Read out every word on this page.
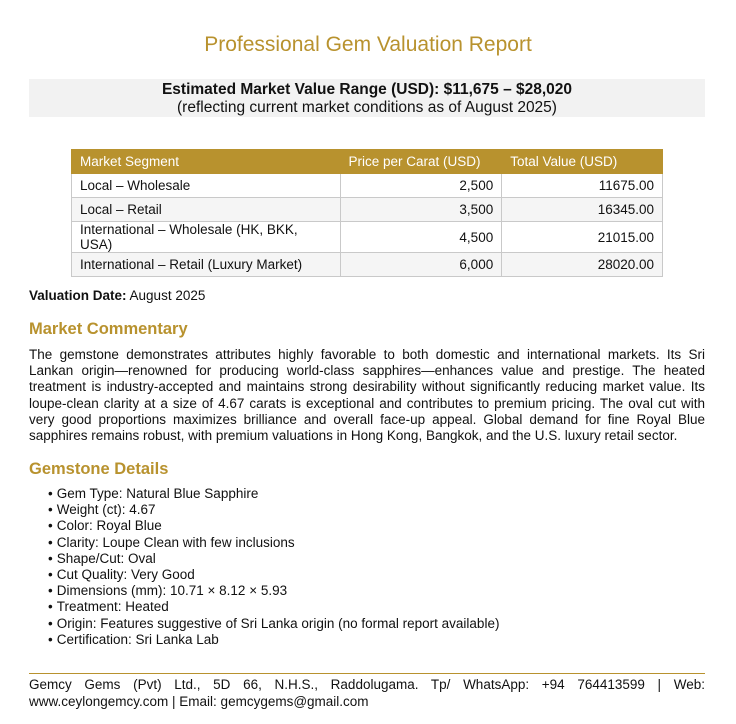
Professional Gem Valuation Report
Estimated Market Value Range (USD): $11,675 – $28,020
(reflecting current market conditions as of August 2025)
Market Segment	Price per Carat (USD)	Total Value (USD)
Local – Wholesale	2,500	11675.00
Local – Retail	3,500	16345.00
International – Wholesale (HK, BKK, USA)	4,500	21015.00
International – Retail (Luxury Market)	6,000	28020.00
Valuation Date: August 2025
Market Commentary

The gemstone demonstrates attributes highly favorable to both domestic and international markets. Its Sri Lankan origin—renowned for producing world-class sapphires—enhances value and prestige. The heated treatment is industry-accepted and maintains strong desirability without significantly reducing market value. Its loupe-clean clarity at a size of 4.67 carats is exceptional and contributes to premium pricing. The oval cut with very good proportions maximizes brilliance and overall face-up appeal. Global demand for fine Royal Blue sapphires remains robust, with premium valuations in Hong Kong, Bangkok, and the U.S. luxury retail sector.

Gemstone Details
• Gem Type: Natural Blue Sapphire
• Weight (ct): 4.67
• Color: Royal Blue
• Clarity: Loupe Clean with few inclusions
• Shape/Cut: Oval
• Cut Quality: Very Good
• Dimensions (mm): 10.71 × 8.12 × 5.93
• Treatment: Heated
• Origin: Features suggestive of Sri Lanka origin (no formal report available)
• Certification: Sri Lanka Lab
Gemcy Gems (Pvt) Ltd., 5D 66, N.H.S., Raddolugama. Tp/ WhatsApp: +94 764413599 | Web:
www.ceylongemcy.com | Email: gemcygems@gmail.com
